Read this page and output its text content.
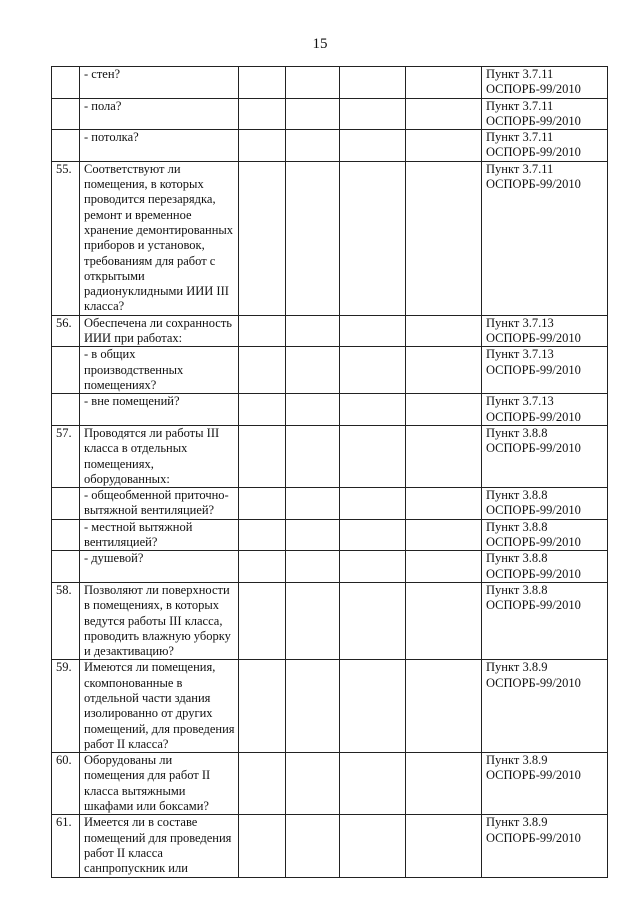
15
	- стен?					Пункт 3.7.11 ОСПОРБ-99/2010
	- пола?					Пункт 3.7.11 ОСПОРБ-99/2010
	- потолка?					Пункт 3.7.11 ОСПОРБ-99/2010
55.	Соответствуют ли помещения, в которых проводится перезарядка, ремонт и временное хранение демонтированных приборов и установок, требованиям для работ с открытыми радионуклидными ИИИ III класса?					Пункт 3.7.11 ОСПОРБ-99/2010
56.	Обеспечена ли сохранность ИИИ при работах:					Пункт 3.7.13 ОСПОРБ-99/2010
	- в общих производственных помещениях?					Пункт 3.7.13 ОСПОРБ-99/2010
	- вне помещений?					Пункт 3.7.13 ОСПОРБ-99/2010
57.	Проводятся ли работы III класса в отдельных помещениях, оборудованных:					Пункт 3.8.8 ОСПОРБ-99/2010
	- общеобменной приточно-вытяжной вентиляцией?					Пункт 3.8.8 ОСПОРБ-99/2010
	- местной вытяжной вентиляцией?					Пункт 3.8.8 ОСПОРБ-99/2010
	- душевой?					Пункт 3.8.8 ОСПОРБ-99/2010
58.	Позволяют ли поверхности в помещениях, в которых ведутся работы III класса, проводить влажную уборку и дезактивацию?					Пункт 3.8.8 ОСПОРБ-99/2010
59.	Имеются ли помещения, скомпонованные в отдельной части здания изолированно от других помещений, для проведения работ II класса?					Пункт 3.8.9 ОСПОРБ-99/2010
60.	Оборудованы ли помещения для работ II класса вытяжными шкафами или боксами?					Пункт 3.8.9 ОСПОРБ-99/2010
61.	Имеется ли в составе помещений для проведения работ II класса санпропускник или					Пункт 3.8.9 ОСПОРБ-99/2010
